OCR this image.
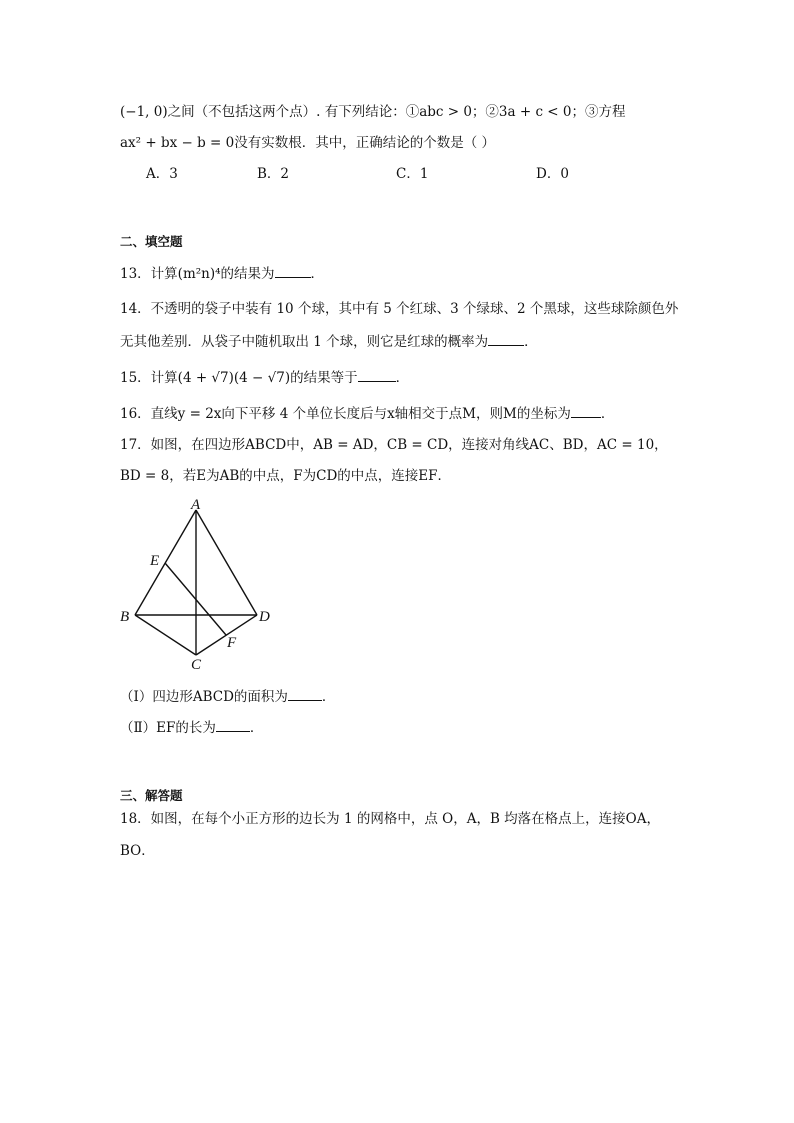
(−1, 0)之间（不包括这两个点）. 有下列结论：①abc > 0；②3a + c < 0；③方程
ax² + bx − b = 0没有实数根．其中，正确结论的个数是（ ）
A．3	B．2	C．1	D．0
二、填空题
13．计算(m²n)⁴的结果为	．
14．不透明的袋子中装有 10 个球，其中有 5 个红球、3 个绿球、2 个黑球，这些球除颜色外
无其他差别．从袋子中随机取出 1 个球，则它是红球的概率为	．
15．计算(4 + √7)(4 − √7)的结果等于	．
16．直线y = 2x向下平移 4 个单位长度后与x轴相交于点M，则M的坐标为 ．
17．如图，在四边形ABCD中，AB = AD，CB = CD，连接对角线AC、BD，AC = 10，
BD = 8，若E为AB的中点，F为CD的中点，连接EF．
A
E
B	D
F
C
（Ⅰ）四边形ABCD的面积为	．
（Ⅱ）EF的长为	．
三、解答题
18．如图，在每个小正方形的边长为 1 的网格中，点 O，A，B 均落在格点上，连接OA，
BO．
